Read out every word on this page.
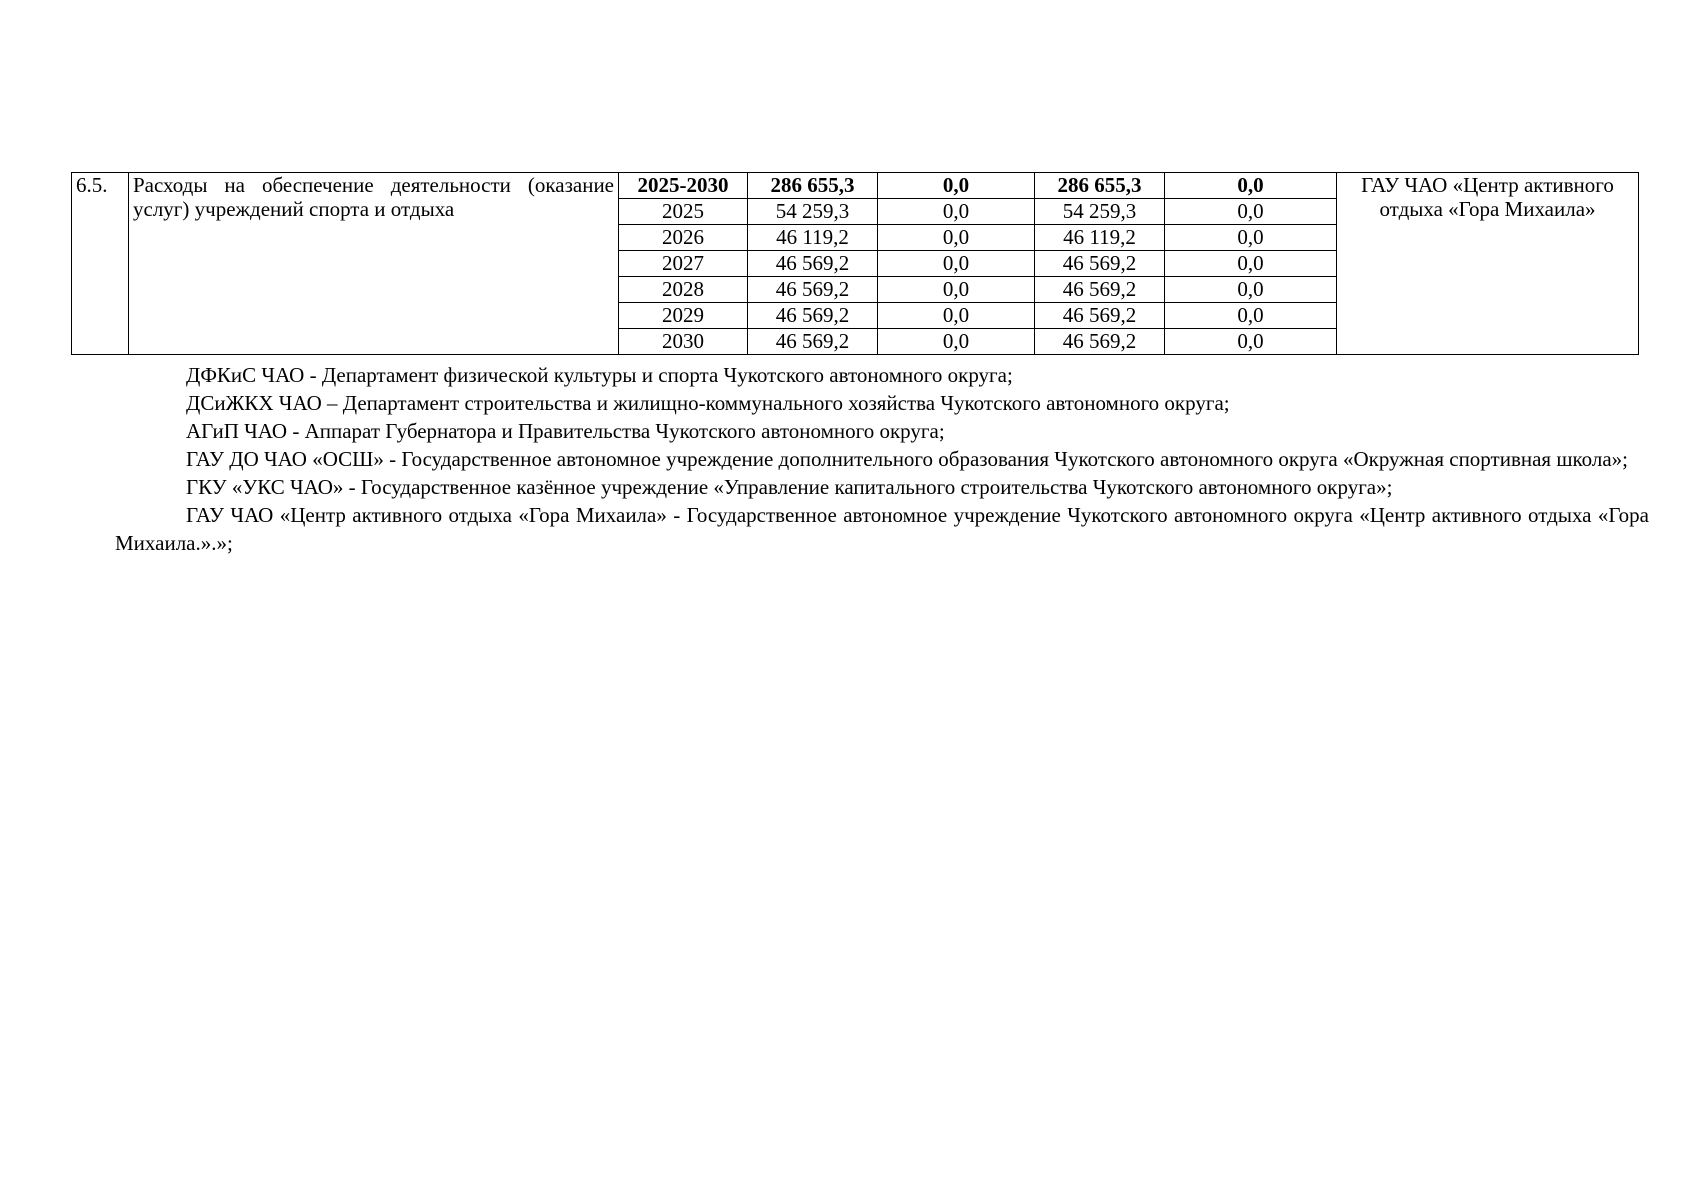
6.5.	Расходы на обеспечение деятельности (оказание услуг) учреждений спорта и отдыха	2025-2030	286 655,3	0,0	286 655,3	0,0	ГАУ ЧАО «Центр активного отдыха «Гора Михаила»
		2025	54 259,3	0,0	54 259,3	0,0	
		2026	46 119,2	0,0	46 119,2	0,0	
		2027	46 569,2	0,0	46 569,2	0,0	
		2028	46 569,2	0,0	46 569,2	0,0	
		2029	46 569,2	0,0	46 569,2	0,0	
		2030	46 569,2	0,0	46 569,2	0,0	

ДФКиС ЧАО - Департамент физической культуры и спорта Чукотского автономного округа;

ДСиЖКХ ЧАО – Департамент строительства и жилищно-коммунального хозяйства Чукотского автономного округа;

АГиП ЧАО - Аппарат Губернатора и Правительства Чукотского автономного округа;

ГАУ ДО ЧАО «ОСШ» - Государственное автономное учреждение дополнительного образования Чукотского автономного округа «Окружная спортивная школа»;

ГКУ «УКС ЧАО» - Государственное казённое учреждение «Управление капитального строительства Чукотского автономного округа»;

ГАУ ЧАО «Центр активного отдыха «Гора Михаила» - Государственное автономное учреждение Чукотского автономного округа «Центр активного отдыха «Гора Михаила.».»;
